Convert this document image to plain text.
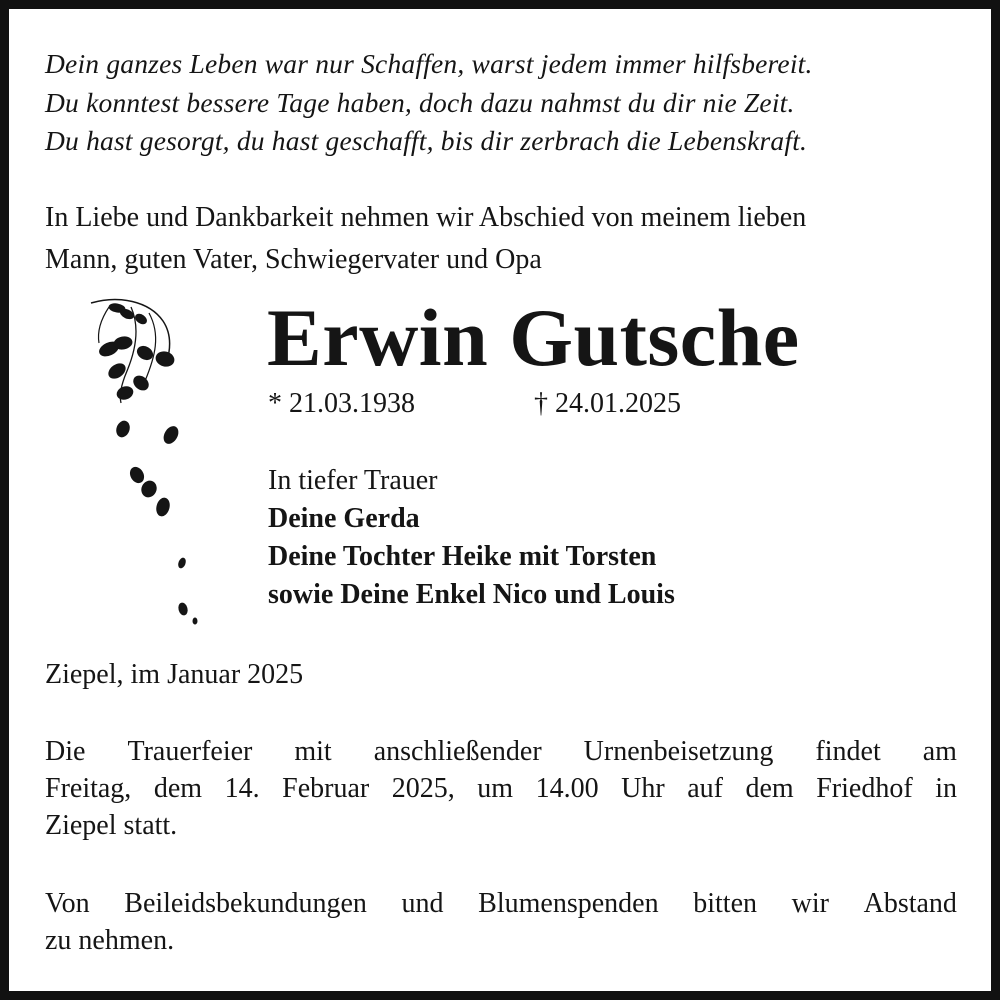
Dein ganzes Leben war nur Schaffen, warst jedem immer hilfsbereit.
Du konntest bessere Tage haben, doch dazu nahmst du dir nie Zeit.
Du hast gesorgt, du hast geschafft, bis dir zerbrach die Lebenskraft.
In Liebe und Dankbarkeit nehmen wir Abschied von meinem lieben
Mann, guten Vater, Schwiegervater und Opa
Erwin Gutsche
* 21.03.1938	† 24.01.2025
In tiefer Trauer
Deine Gerda
Deine Tochter Heike mit Torsten
sowie Deine Enkel Nico und Louis
Ziepel, im Januar 2025
Die Trauerfeier mit anschließender Urnenbeisetzung findet am
Freitag, dem 14. Februar 2025, um 14.00 Uhr auf dem Friedhof in
Ziepel statt.
Von Beileidsbekundungen und Blumenspenden bitten wir Abstand
zu nehmen.
